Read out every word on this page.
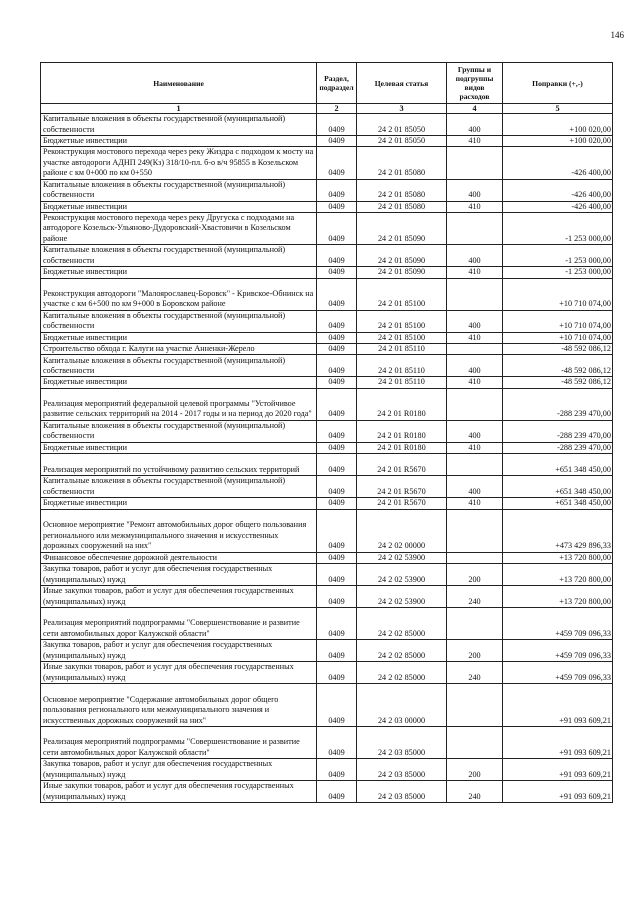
146
Наименование	Раздел, подраздел	Целевая статья	Группы и подгруппы видов расходов	Поправки (+,-)
1	2	3	4	5
Капитальные вложения в объекты государственной (муниципальной) собственности	0409	24 2 01 85050	400	+100 020,00
Бюджетные инвестиции	0409	24 2 01 85050	410	+100 020,00
Реконструкция мостового перехода через реку Жиздра с подходом к мосту на участке автодороги АДНП 249(Кз) 318/10-пл. б-о в/ч 95855 в Козельском районе с км 0+000 по км 0+550	0409	24 2 01 85080		-426 400,00
Капитальные вложения в объекты государственной (муниципальной) собственности	0409	24 2 01 85080	400	-426 400,00
Бюджетные инвестиции	0409	24 2 01 85080	410	-426 400,00
Реконструкция мостового перехода через реку Другуска с подходами на автодороге Козельск-Ульяново-Дудоровский-Хвастовичи в Козельском районе	0409	24 2 01 85090		-1 253 000,00
Капитальные вложения в объекты государственной (муниципальной) собственности	0409	24 2 01 85090	400	-1 253 000,00
Бюджетные инвестиции	0409	24 2 01 85090	410	-1 253 000,00
Реконструкция автодороги "Малоярославец-Боровск" - Кривское-Обнинск на участке с км 6+500 по км 9+000 в Боровском районе	0409	24 2 01 85100		+10 710 074,00
Капитальные вложения в объекты государственной (муниципальной) собственности	0409	24 2 01 85100	400	+10 710 074,00
Бюджетные инвестиции	0409	24 2 01 85100	410	+10 710 074,00
Строительство обхода г. Калуги на участке Анненки-Жерело	0409	24 2 01 85110		-48 592 086,12
Капитальные вложения в объекты государственной (муниципальной) собственности	0409	24 2 01 85110	400	-48 592 086,12
Бюджетные инвестиции	0409	24 2 01 85110	410	-48 592 086,12
Реализация мероприятий федеральной целевой программы "Устойчивое развитие сельских территорий на 2014 - 2017 годы и на период до 2020 года"	0409	24 2 01 R0180		-288 239 470,00
Капитальные вложения в объекты государственной (муниципальной) собственности	0409	24 2 01 R0180	400	-288 239 470,00
Бюджетные инвестиции	0409	24 2 01 R0180	410	-288 239 470,00
Реализация мероприятий по устойчивому развитию сельских территорий	0409	24 2 01 R5670		+651 348 450,00
Капитальные вложения в объекты государственной (муниципальной) собственности	0409	24 2 01 R5670	400	+651 348 450,00
Бюджетные инвестиции	0409	24 2 01 R5670	410	+651 348 450,00
Основное мероприятие "Ремонт автомобильных дорог общего пользования регионального или межмуниципального значения и искусственных дорожных сооружений на них"	0409	24 2 02 00000		+473 429 896,33
Финансовое обеспечение дорожной деятельности	0409	24 2 02 53900		+13 720 800,00
Закупка товаров, работ и услуг для обеспечения государственных (муниципальных) нужд	0409	24 2 02 53900	200	+13 720 800,00
Иные закупки товаров, работ и услуг для обеспечения государственных (муниципальных) нужд	0409	24 2 02 53900	240	+13 720 800,00
Реализация мероприятий подпрограммы "Совершенствование и развитие сети автомобильных дорог Калужской области"	0409	24 2 02 85000		+459 709 096,33
Закупка товаров, работ и услуг для обеспечения государственных (муниципальных) нужд	0409	24 2 02 85000	200	+459 709 096,33
Иные закупки товаров, работ и услуг для обеспечения государственных (муниципальных) нужд	0409	24 2 02 85000	240	+459 709 096,33
Основное мероприятие "Содержание автомобильных дорог общего пользования регионального или межмуниципального значения и искусственных дорожных сооружений на них"	0409	24 2 03 00000		+91 093 609,21
Реализация мероприятий подпрограммы "Совершенствование и развитие сети автомобильных дорог Калужской области"	0409	24 2 03 85000		+91 093 609,21
Закупка товаров, работ и услуг для обеспечения государственных (муниципальных) нужд	0409	24 2 03 85000	200	+91 093 609,21
Иные закупки товаров, работ и услуг для обеспечения государственных (муниципальных) нужд	0409	24 2 03 85000	240	+91 093 609,21
